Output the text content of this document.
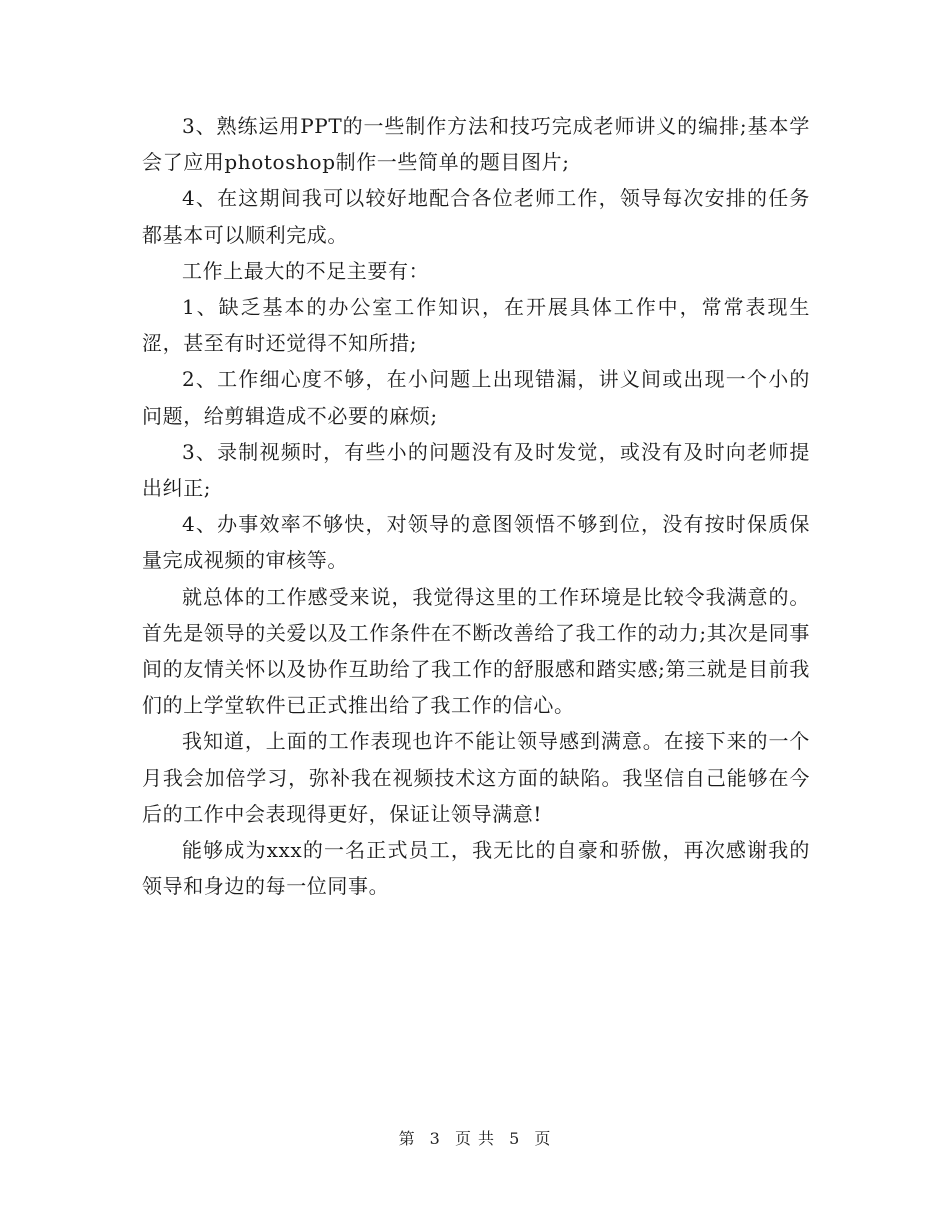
3、熟练运用PPT的一些制作方法和技巧完成老师讲义的编排;基本学会了应用photoshop制作一些简单的题目图片;

4、在这期间我可以较好地配合各位老师工作，领导每次安排的任务都基本可以顺利完成。

工作上最大的不足主要有：

1、缺乏基本的办公室工作知识，在开展具体工作中，常常表现生涩，甚至有时还觉得不知所措;

2、工作细心度不够，在小问题上出现错漏，讲义间或出现一个小的问题，给剪辑造成不必要的麻烦;

3、录制视频时，有些小的问题没有及时发觉，或没有及时向老师提出纠正;

4、办事效率不够快，对领导的意图领悟不够到位，没有按时保质保量完成视频的审核等。

就总体的工作感受来说，我觉得这里的工作环境是比较令我满意的。首先是领导的关爱以及工作条件在不断改善给了我工作的动力;其次是同事间的友情关怀以及协作互助给了我工作的舒服感和踏实感;第三就是目前我们的上学堂软件已正式推出给了我工作的信心。

我知道，上面的工作表现也许不能让领导感到满意。在接下来的一个月我会加倍学习，弥补我在视频技术这方面的缺陷。我坚信自己能够在今后的工作中会表现得更好，保证让领导满意!

能够成为xxx的一名正式员工，我无比的自豪和骄傲，再次感谢我的领导和身边的每一位同事。

第 3 页 共 5 页
